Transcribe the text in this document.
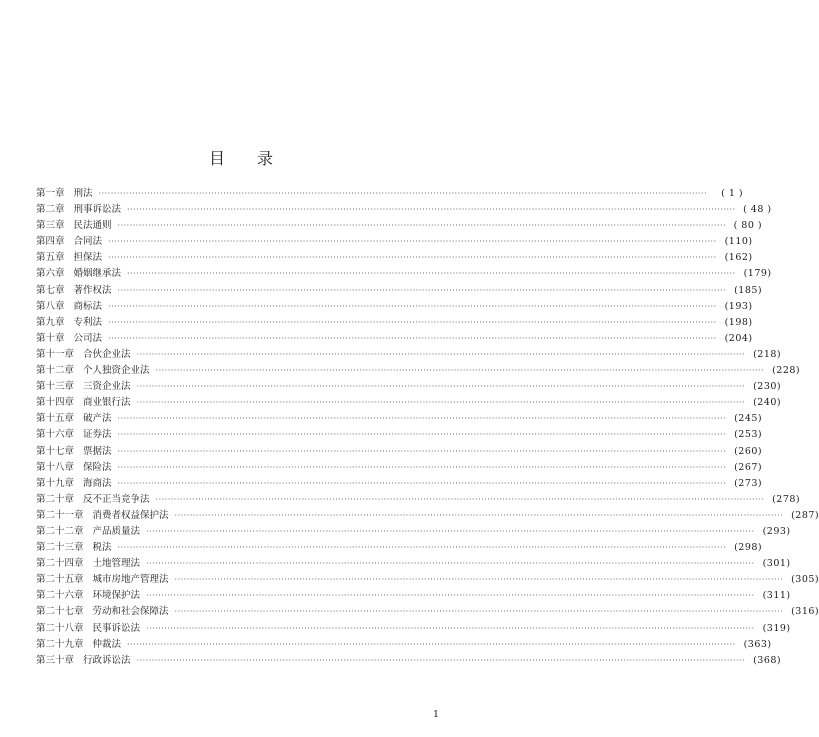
目录
第一章 刑法 ········································································································································································································	( 1 )
第二章 刑事诉讼法 ········································································································································································································ ( 48 )
第三章 民法通则 ········································································································································································································ ( 80 )
第四章 合同法 ········································································································································································································ (110)
第五章 担保法 ········································································································································································································ (162)
第六章 婚姻继承法 ········································································································································································································ (179)
第七章 著作权法 ········································································································································································································ (185)
第八章 商标法 ········································································································································································································ (193)
第九章 专利法 ········································································································································································································ (198)
第十章 公司法 ········································································································································································································ (204)
第十一章 合伙企业法 ········································································································································································································ (218)
第十二章 个人独资企业法 ········································································································································································································ (228)
第十三章 三资企业法 ········································································································································································································ (230)
第十四章 商业银行法 ········································································································································································································ (240)
第十五章 破产法 ········································································································································································································ (245)
第十六章 证券法 ········································································································································································································ (253)
第十七章 票据法 ········································································································································································································ (260)
第十八章 保险法 ········································································································································································································ (267)
第十九章 海商法 ········································································································································································································ (273)
第二十章 反不正当竞争法 ········································································································································································································ (278)
第二十一章 消费者权益保护法 ········································································································································································································ (287)
第二十二章 产品质量法 ········································································································································································································ (293)
第二十三章 税法 ········································································································································································································ (298)
第二十四章 土地管理法 ········································································································································································································ (301)
第二十五章 城市房地产管理法 ········································································································································································································ (305)
第二十六章 环境保护法 ········································································································································································································ (311)
第二十七章 劳动和社会保障法 ········································································································································································································ (316)
第二十八章 民事诉讼法 ········································································································································································································ (319)
第二十九章 仲裁法 ········································································································································································································ (363)
第三十章 行政诉讼法 ········································································································································································································ (368)
1
